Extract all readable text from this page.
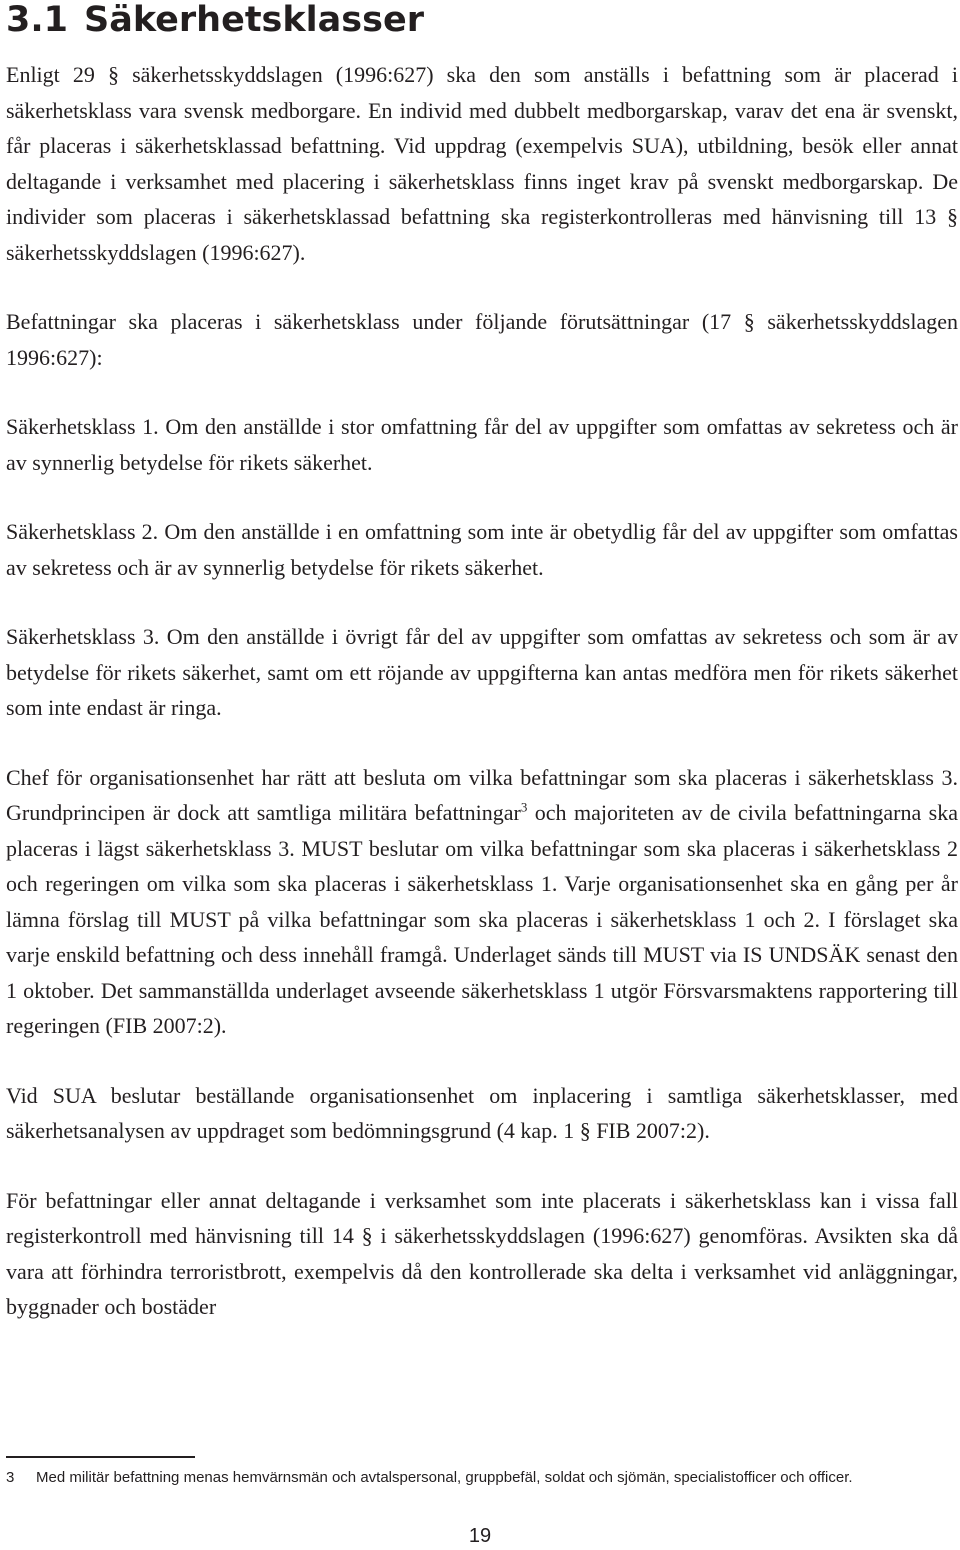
3.1 Säkerhetsklasser

Enligt 29 § säkerhetsskyddslagen (1996:627) ska den som anställs i befattning som är placerad i säkerhetsklass vara svensk medborgare. En individ med dubbelt medborgarskap, varav det ena är svenskt, får placeras i säkerhetsklassad befattning. Vid uppdrag (exempelvis SUA), utbildning, besök eller annat deltagande i verksamhet med placering i säkerhetsklass finns inget krav på svenskt medborgarskap. De individer som placeras i säkerhetsklassad befattning ska registerkontrolleras med hänvisning till 13 § säkerhetsskyddslagen (1996:627).

Befattningar ska placeras i säkerhetsklass under följande förutsättningar (17 § säkerhetsskyddslagen 1996:627):

Säkerhetsklass 1. Om den anställde i stor omfattning får del av uppgifter som omfattas av sekretess och är av synnerlig betydelse för rikets säkerhet.

Säkerhetsklass 2. Om den anställde i en omfattning som inte är obetydlig får del av uppgifter som omfattas av sekretess och är av synnerlig betydelse för rikets säkerhet.

Säkerhetsklass 3. Om den anställde i övrigt får del av uppgifter som omfattas av sekretess och som är av betydelse för rikets säkerhet, samt om ett röjande av uppgifterna kan antas medföra men för rikets säkerhet som inte endast är ringa.

Chef för organisationsenhet har rätt att besluta om vilka befattningar som ska placeras i säkerhetsklass 3. Grundprincipen är dock att samtliga militära befattningar$^3$ och majoriteten av de civila befattningarna ska placeras i lägst säkerhetsklass 3. MUST beslutar om vilka befattningar som ska placeras i säkerhetsklass 2 och regeringen om vilka som ska placeras i säkerhetsklass 1. Varje organisationsenhet ska en gång per år lämna förslag till MUST på vilka befattningar som ska placeras i säkerhetsklass 1 och 2. I förslaget ska varje enskild befattning och dess innehåll framgå. Underlaget sänds till MUST via IS UNDSÄK senast den 1 oktober. Det sammanställda underlaget avseende säkerhetsklass 1 utgör Försvarsmaktens rapportering till regeringen (FIB 2007:2).

Vid SUA beslutar beställande organisationsenhet om inplacering i samtliga säkerhetsklasser, med säkerhetsanalysen av uppdraget som bedömningsgrund (4 kap. 1 § FIB 2007:2).

För befattningar eller annat deltagande i verksamhet som inte placerats i säkerhetsklass kan i vissa fall registerkontroll med hänvisning till 14 § i säkerhetsskyddslagen (1996:627) genomföras. Avsikten ska då vara att förhindra terroristbrott, exempelvis då den kontrollerade ska delta i verksamhet vid anläggningar, byggnader och bostäder

3 Med militär befattning menas hemvärnsmän och avtalspersonal, gruppbefäl, soldat och sjömän, specialistofficer och officer.
19
